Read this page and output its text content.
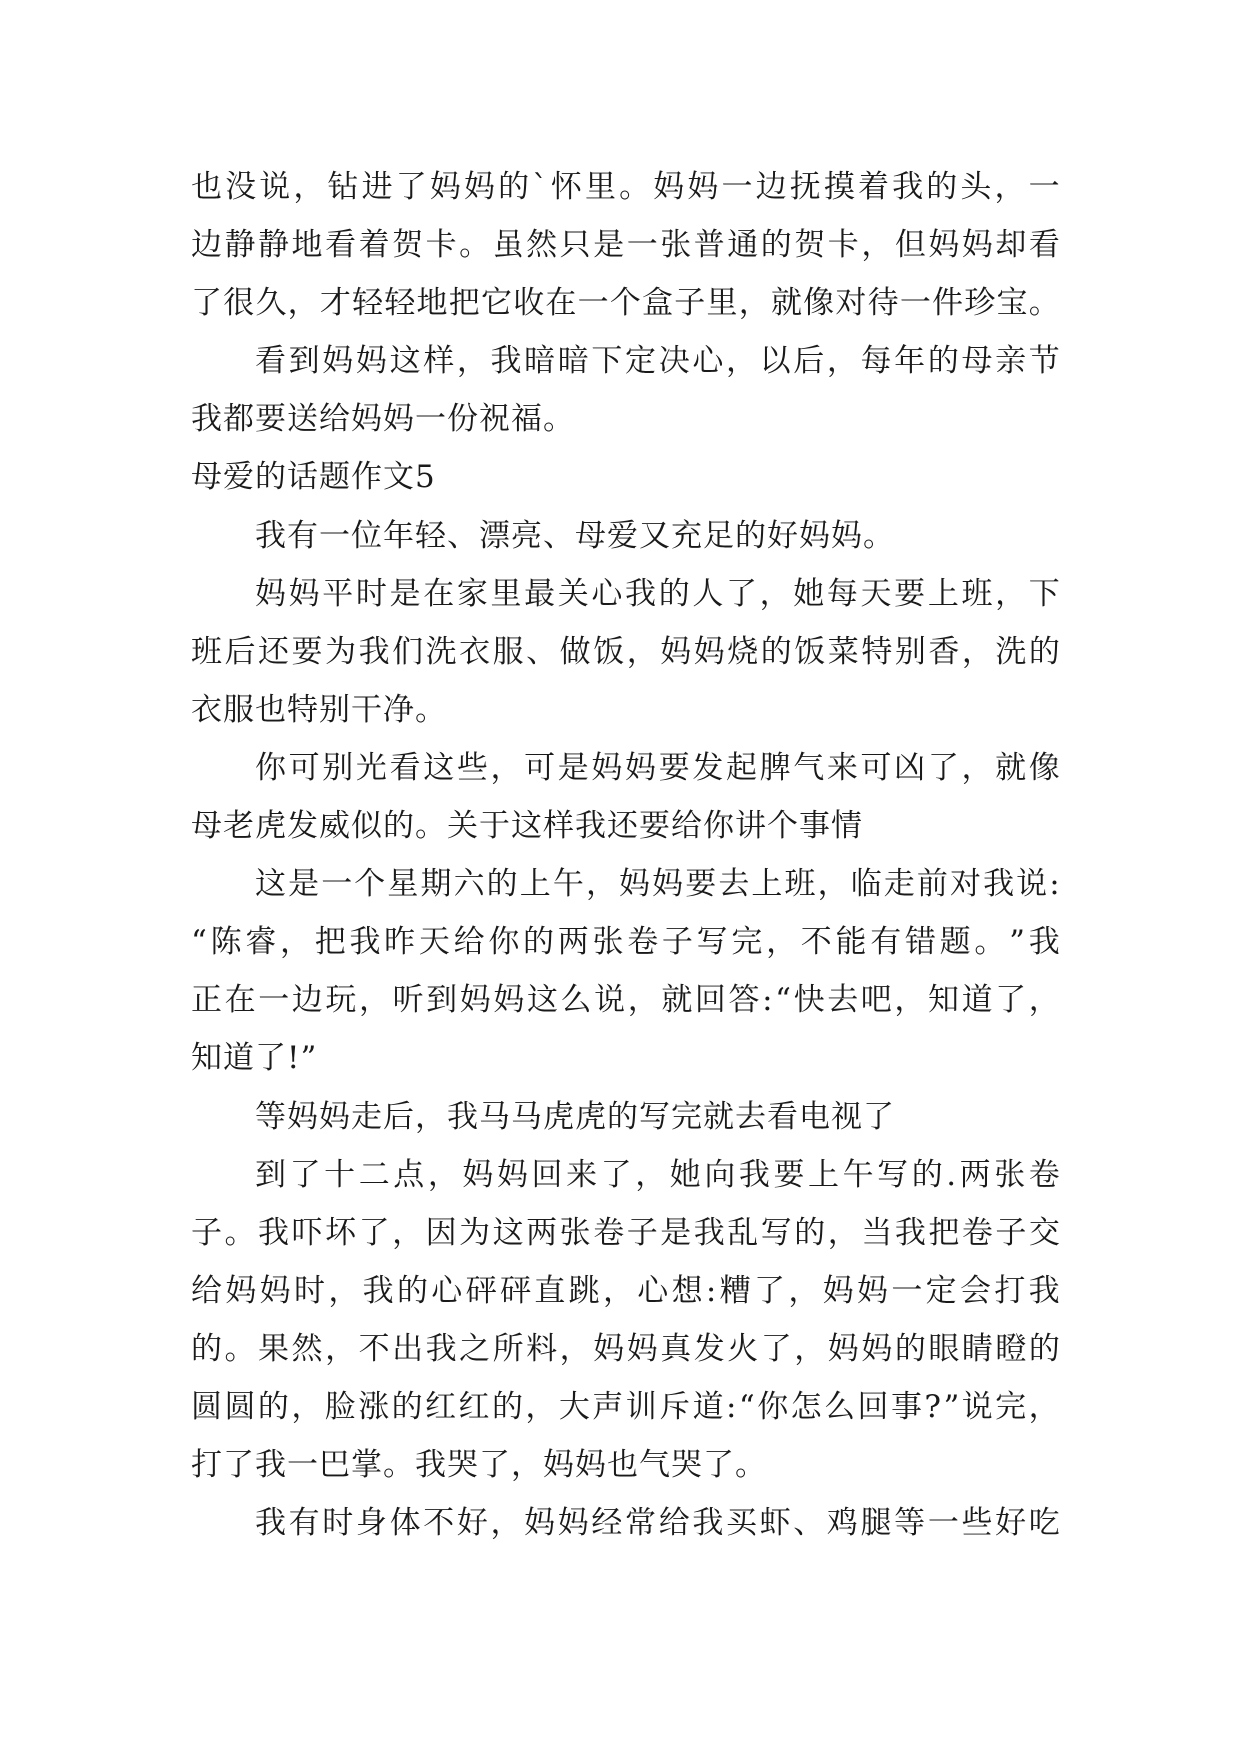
也 没 说 ， 钻 进 了 妈 妈 的 ` 怀 里 。 妈 妈 一 边 抚 摸 着 我 的 头 ， 一
边 静 静 地 看 着 贺 卡 。 虽 然 只 是 一 张 普 通 的 贺 卡 ， 但 妈 妈 却 看
了 很 久 ， 才 轻 轻 地 把 它 收 在 一 个 盒 子 里 ， 就 像 对 待 一 件 珍 宝 。
看 到 妈 妈 这 样 ， 我 暗 暗 下 定 决 心 ， 以 后 ， 每 年 的 母 亲 节
我都要送给妈妈一份祝福。
母爱的话题作文5
我有一位年轻、漂亮、母爱又充足的好妈妈。
妈 妈 平 时 是 在 家 里 最 关 心 我 的 人 了 ， 她 每 天 要 上 班 ， 下
班 后 还 要 为 我 们 洗 衣 服 、 做 饭 ， 妈 妈 烧 的 饭 菜 特 别 香 ， 洗 的
衣服也特别干净。
你 可 别 光 看 这 些 ， 可 是 妈 妈 要 发 起 脾 气 来 可 凶 了 ， 就 像
母老虎发威似的。关于这样我还要给你讲个事情
这 是 一 个 星 期 六 的 上 午 ， 妈 妈 要 去 上 班 ， 临 走 前 对 我 说 :
“ 陈 睿 ， 把 我 昨 天 给 你 的 两 张 卷 子 写 完 ， 不 能 有 错 题 。 ” 我
正 在 一 边 玩 ， 听 到 妈 妈 这 么 说 ， 就 回 答 : “ 快 去 吧 ， 知 道 了 ，
知道了!”
等妈妈走后，我马马虎虎的写完就去看电视了
到 了 十 二 点 ， 妈 妈 回 来 了 ， 她 向 我 要 上 午 写 的 . 两 张 卷
子 。 我 吓 坏 了 ， 因 为 这 两 张 卷 子 是 我 乱 写 的 ， 当 我 把 卷 子 交
给 妈 妈 时 ， 我 的 心 砰 砰 直 跳 ， 心 想 : 糟 了 ， 妈 妈 一 定 会 打 我
的 。 果 然 ， 不 出 我 之 所 料 ， 妈 妈 真 发 火 了 ， 妈 妈 的 眼 睛 瞪 的
圆 圆 的 ， 脸 涨 的 红 红 的 ， 大 声 训 斥 道 : “ 你 怎 么 回 事 ? ” 说 完 ，
打了我一巴掌。我哭了，妈妈也气哭了。
我 有 时 身 体 不 好 ， 妈 妈 经 常 给 我 买 虾 、 鸡 腿 等 一 些 好 吃
